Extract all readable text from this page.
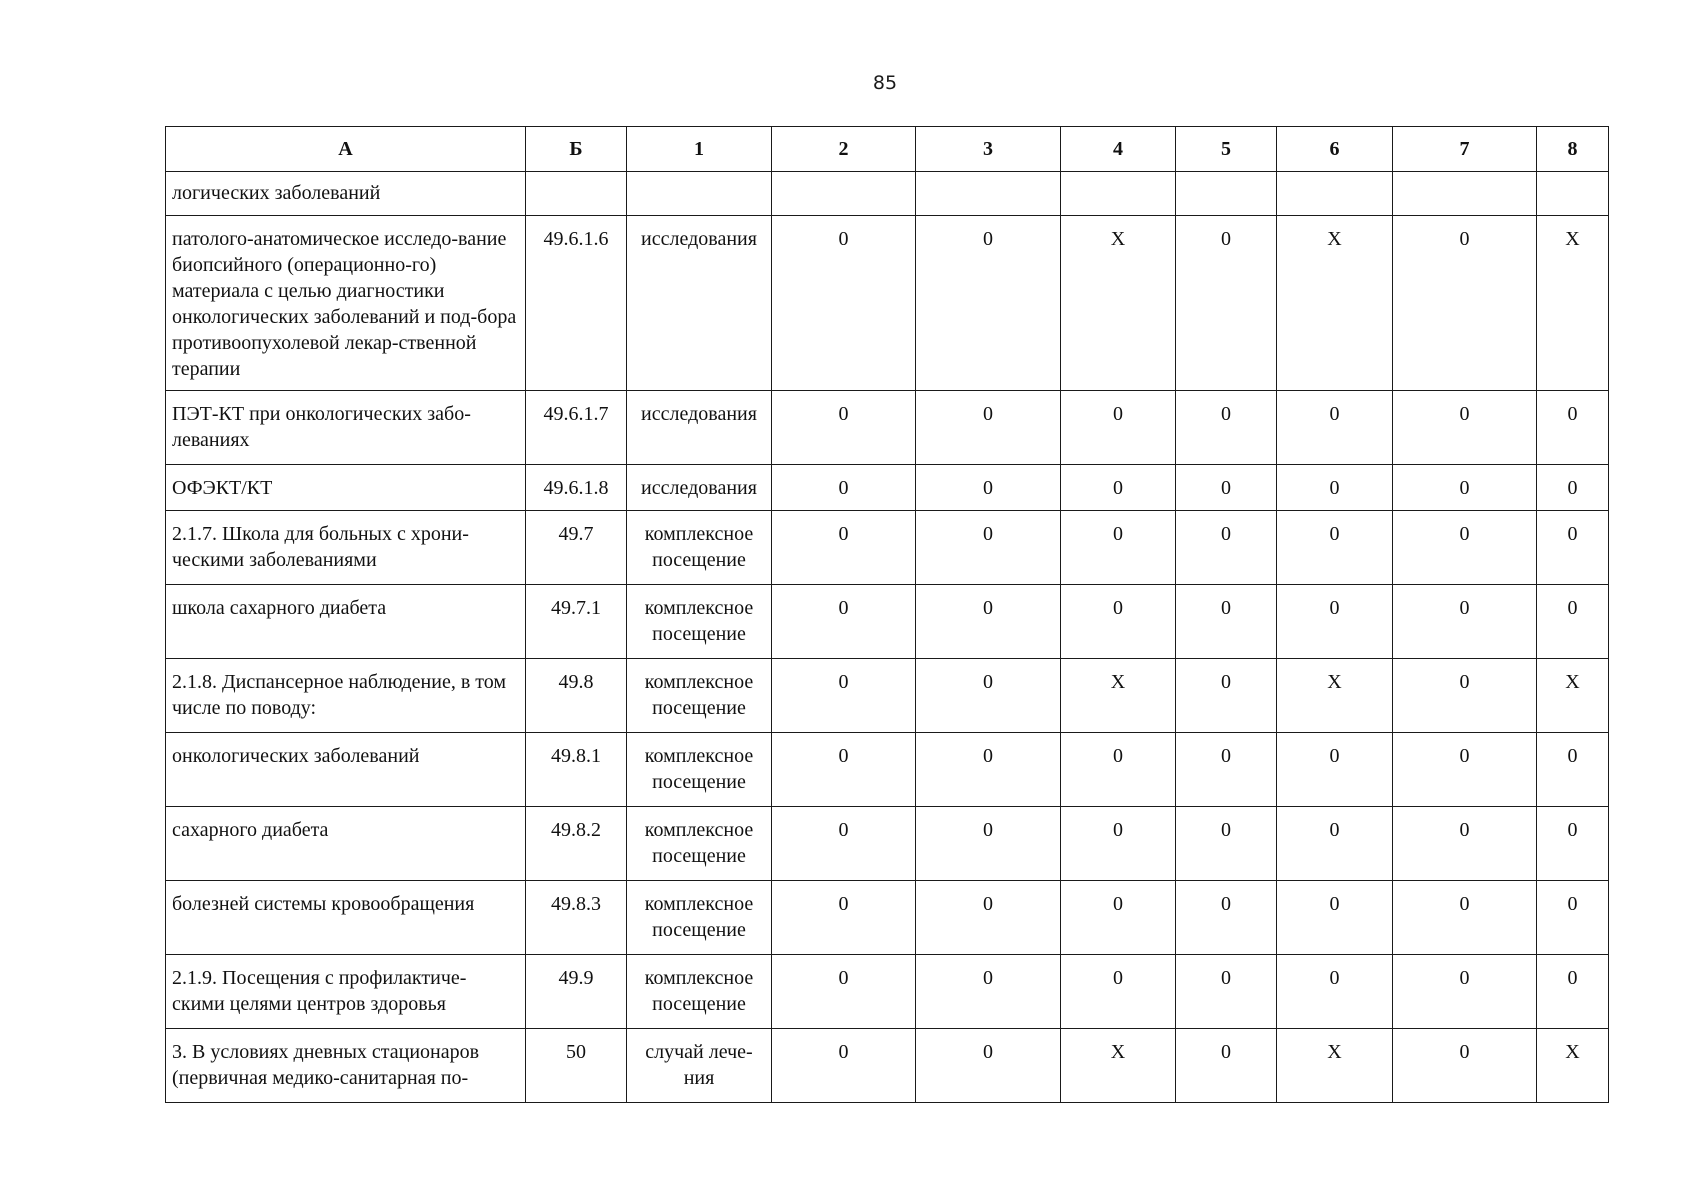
85
А	Б	1	2	3	4	5	6	7	8
логических заболеваний									
патолого-анатомическое исследо-вание биопсийного (операционно-го) материала с целью диагностики онкологических заболеваний и под-бора противоопухолевой лекар-ственной терапии	49.6.1.6	исследования	0	0	X	0	X	0	X
ПЭТ-КТ при онкологических забо-леваниях	49.6.1.7	исследования	0	0	0	0	0	0	0
ОФЭКТ/КТ	49.6.1.8	исследования	0	0	0	0	0	0	0
2.1.7. Школа для больных с хрони-ческими заболеваниями	49.7	комплексное посещение	0	0	0	0	0	0	0
школа сахарного диабета	49.7.1	комплексное посещение	0	0	0	0	0	0	0
2.1.8. Диспансерное наблюдение, в том числе по поводу:	49.8	комплексное посещение	0	0	X	0	X	0	X
онкологических заболеваний	49.8.1	комплексное посещение	0	0	0	0	0	0	0
сахарного диабета	49.8.2	комплексное посещение	0	0	0	0	0	0	0
болезней системы кровообращения	49.8.3	комплексное посещение	0	0	0	0	0	0	0
2.1.9. Посещения с профилактиче-скими целями центров здоровья	49.9	комплексное посещение	0	0	0	0	0	0	0
3. В условиях дневных стационаров (первичная медико-санитарная по-	50	случай лече-ния	0	0	X	0	X	0	X
